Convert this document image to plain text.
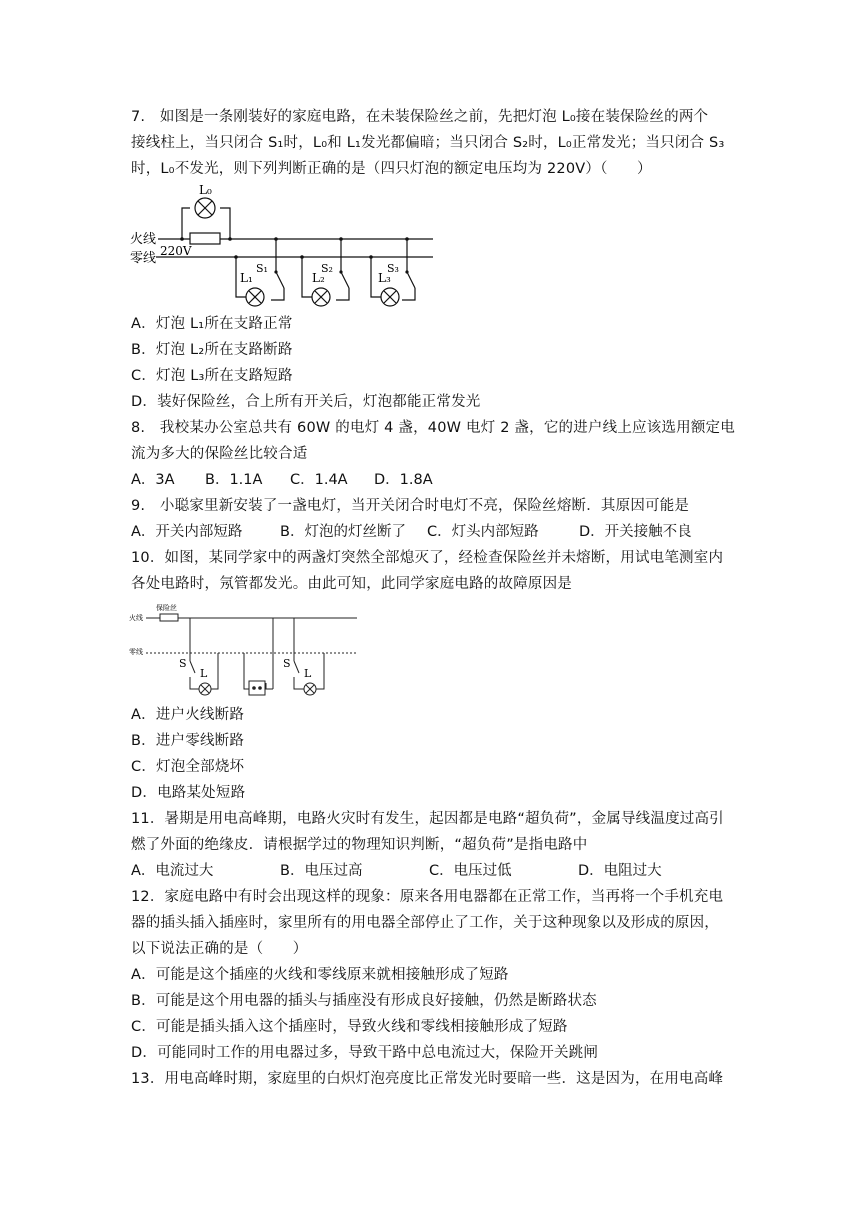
7.　如图是一条刚装好的家庭电路，在未装保险丝之前，先把灯泡 L₀接在装保险丝的两个
接线柱上，当只闭合 S₁时，L₀和 L₁发光都偏暗；当只闭合 S₂时，L₀正常发光；当只闭合 S₃
时，L₀不发光，则下列判断正确的是（四只灯泡的额定电压均为 220V）（　　）
火线
零线 220V
L₀
S₁	S₂	S₃
L₁	L₂	L₃
A．灯泡 L₁所在支路正常
B．灯泡 L₂所在支路断路
C．灯泡 L₃所在支路短路
D．装好保险丝，合上所有开关后，灯泡都能正常发光
8.　我校某办公室总共有 60W 的电灯 4 盏，40W 电灯 2 盏，它的进户线上应该选用额定电
流为多大的保险丝比较合适
A．3A B．1.1A C．1.4A D．1.8A
9.　小聪家里新安装了一盏电灯，当开关闭合时电灯不亮，保险丝熔断．其原因可能是
A．开关内部短路	B．灯泡的灯丝断了 C．灯头内部短路	D．开关接触不良
10．如图，某同学家中的两盏灯突然全部熄灭了，经检查保险丝并未熔断，用试电笔测室内
各处电路时，氖管都发光。由此可知，此同学家庭电路的故障原因是
保险丝
火线
零线
S
L
S
L
A．进户火线断路
B．进户零线断路
C．灯泡全部烧坏
D．电路某处短路
11．暑期是用电高峰期，电路火灾时有发生，起因都是电路“超负荷”，金属导线温度过高引
燃了外面的绝缘皮．请根据学过的物理知识判断，“超负荷”是指电路中
A．电流过大	B．电压过高	C．电压过低	D．电阻过大
12．家庭电路中有时会出现这样的现象：原来各用电器都在正常工作，当再将一个手机充电
器的插头插入插座时，家里所有的用电器全部停止了工作，关于这种现象以及形成的原因，
以下说法正确的是（　　）
A．可能是这个插座的火线和零线原来就相接触形成了短路
B．可能是这个用电器的插头与插座没有形成良好接触，仍然是断路状态
C．可能是插头插入这个插座时，导致火线和零线相接触形成了短路
D．可能同时工作的用电器过多，导致干路中总电流过大，保险开关跳闸
13．用电高峰时期，家庭里的白炽灯泡亮度比正常发光时要暗一些．这是因为，在用电高峰
